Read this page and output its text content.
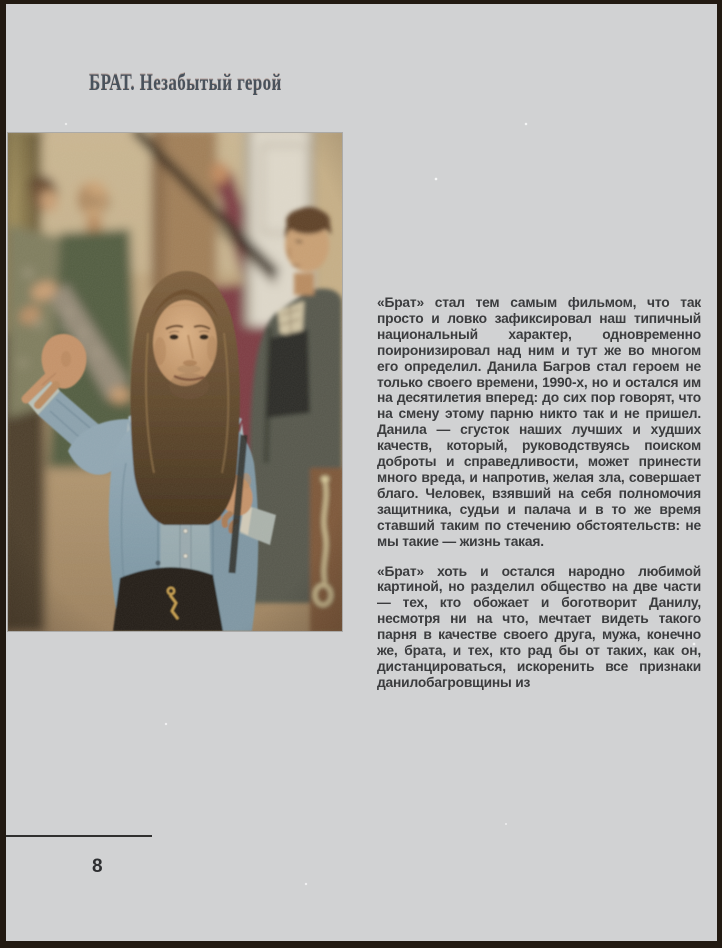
БРАТ. Незабытый герой

«Брат» стал тем самым фильмом, что так просто и ловко зафиксировал наш типичный национальный характер, одновременно поиронизировал над ним и тут же во многом его определил. Данила Багров стал героем не только своего времени, 1990-х, но и остался им на десятилетия вперед: до сих пор говорят, что на смену этому парню никто так и не пришел. Данила — сгусток наших лучших и худших качеств, который, руководствуясь поиском доброты и справедливости, может принести много вреда, и напротив, желая зла, совершает благо. Человек, взявший на себя полномочия защитника, судьи и палача и в то же время ставший таким по стечению обстоятельств: не мы такие — жизнь такая.

«Брат» хоть и остался народно любимой картиной, но разделил общество на две части — тех, кто обожает и боготворит Данилу, несмотря ни на что, мечтает видеть такого парня в качестве своего друга, мужа, конечно же, брата, и тех, кто рад бы от таких, как он, дистанцироваться, искоренить все признаки данилобагровщины из

8
